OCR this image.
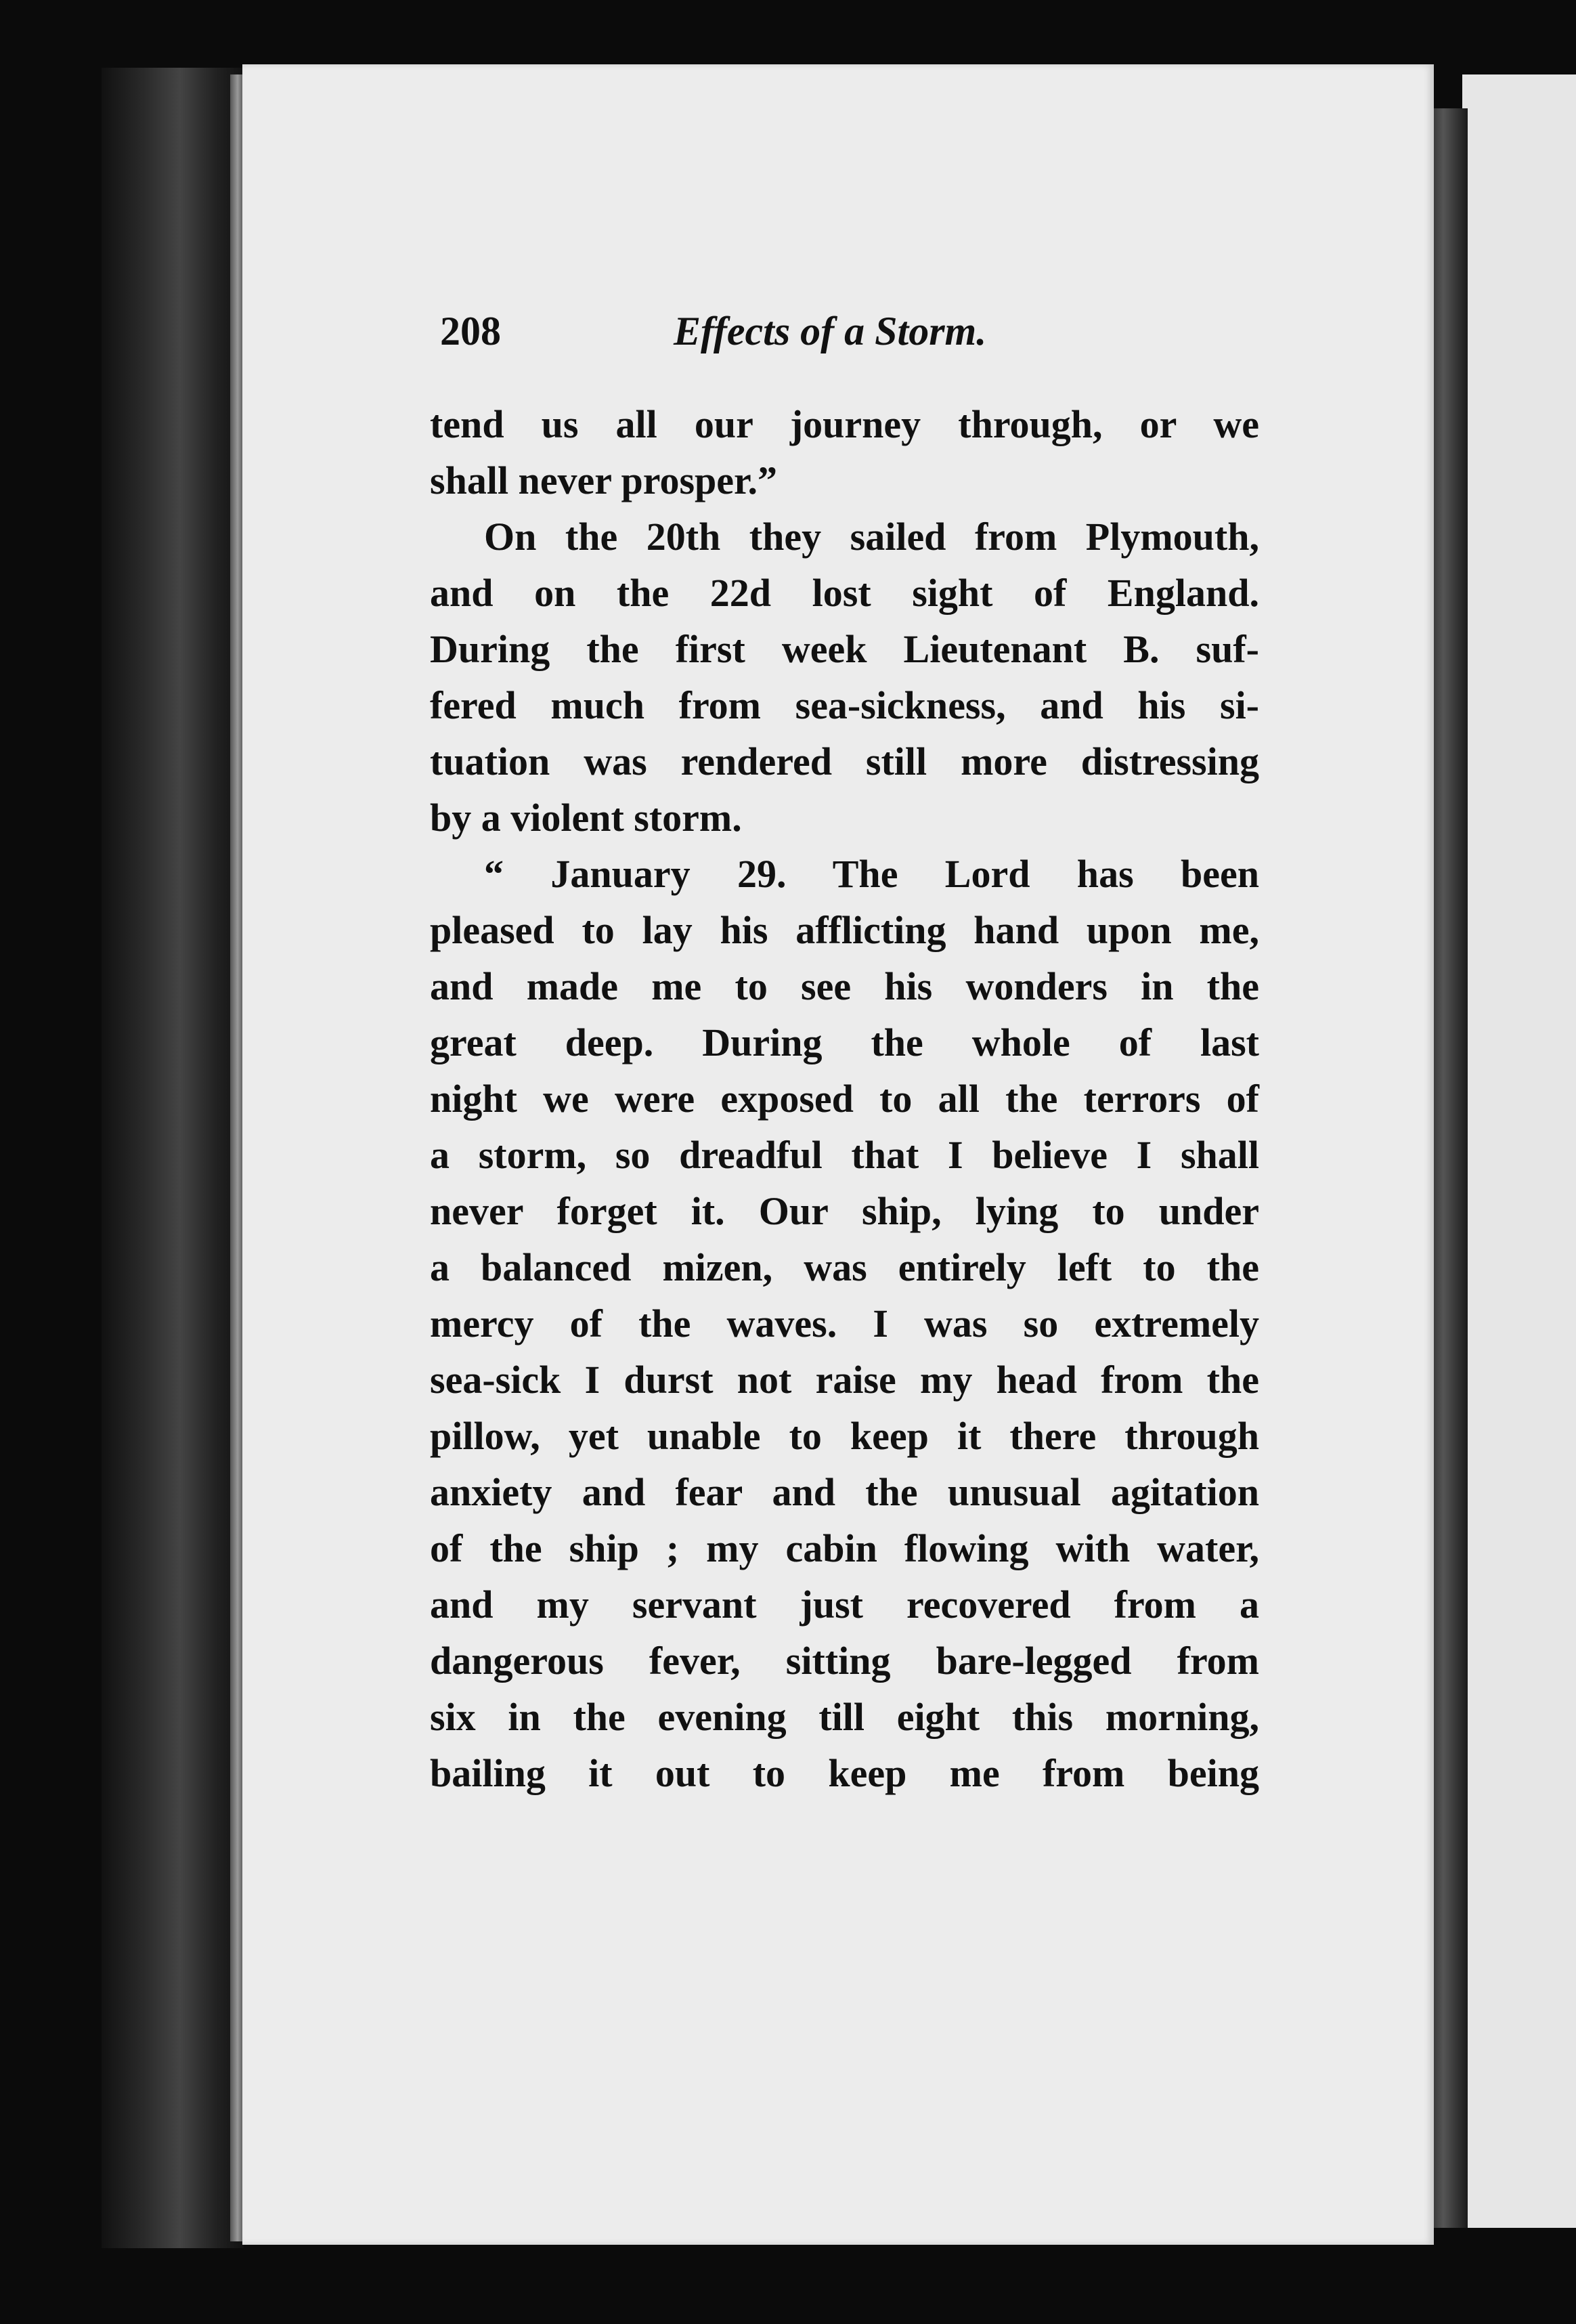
208	Effects of a Storm.
tend us all our journey through, or we
shall never prosper.”
On the 20th they sailed from Plymouth,
and on the 22d lost sight of England.
During the first week Lieutenant B. suf-
fered much from sea-sickness, and his si-
tuation was rendered still more distressing
by a violent storm.
“ January 29. The Lord has been
pleased to lay his afflicting hand upon me,
and made me to see his wonders in the
great deep. During the whole of last
night we were exposed to all the terrors of
a storm, so dreadful that I believe I shall
never forget it. Our ship, lying to under
a balanced mizen, was entirely left to the
mercy of the waves. I was so extremely
sea-sick I durst not raise my head from the
pillow, yet unable to keep it there through
anxiety and fear and the unusual agitation
of the ship ; my cabin flowing with water,
and my servant just recovered from a
dangerous fever, sitting bare-legged from
six in the evening till eight this morning,
bailing it out to keep me from being
